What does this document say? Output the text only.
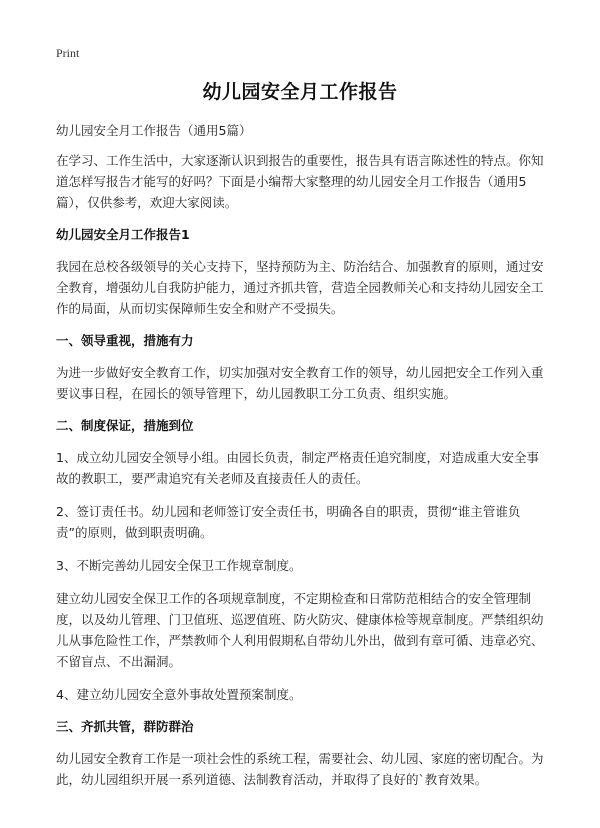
Print
幼儿园安全月工作报告

幼儿园安全月工作报告（通用5篇）

在学习、工作生活中，大家逐渐认识到报告的重要性，报告具有语言陈述性的特点。你知道怎样写报告才能写的好吗？下面是小编帮大家整理的幼儿园安全月工作报告（通用5篇），仅供参考，欢迎大家阅读。

幼儿园安全月工作报告1

我园在总校各级领导的关心支持下，坚持预防为主、防治结合、加强教育的原则，通过安全教育，增强幼儿自我防护能力，通过齐抓共管，营造全园教师关心和支持幼儿园安全工作的局面，从而切实保障师生安全和财产不受损失。

一、领导重视，措施有力

为进一步做好安全教育工作，切实加强对安全教育工作的领导，幼儿园把安全工作列入重要议事日程，在园长的领导管理下，幼儿园教职工分工负责、组织实施。

二、制度保证，措施到位

1、成立幼儿园安全领导小组。由园长负责，制定严格责任追究制度，对造成重大安全事故的教职工，要严肃追究有关老师及直接责任人的责任。

2、签订责任书。幼儿园和老师签订安全责任书，明确各自的职责，贯彻“谁主管谁负责”的原则，做到职责明确。

3、不断完善幼儿园安全保卫工作规章制度。

建立幼儿园安全保卫工作的各项规章制度，不定期检查和日常防范相结合的安全管理制度，以及幼儿管理、门卫值班、巡逻值班、防火防灾、健康体检等规章制度。严禁组织幼儿从事危险性工作，严禁教师个人利用假期私自带幼儿外出，做到有章可循、违章必究、不留盲点、不出漏洞。

4、建立幼儿园安全意外事故处置预案制度。

三、齐抓共管，群防群治

幼儿园安全教育工作是一项社会性的系统工程，需要社会、幼儿园、家庭的密切配合。为此，幼儿园组织开展一系列道德、法制教育活动，并取得了良好的`教育效果。
